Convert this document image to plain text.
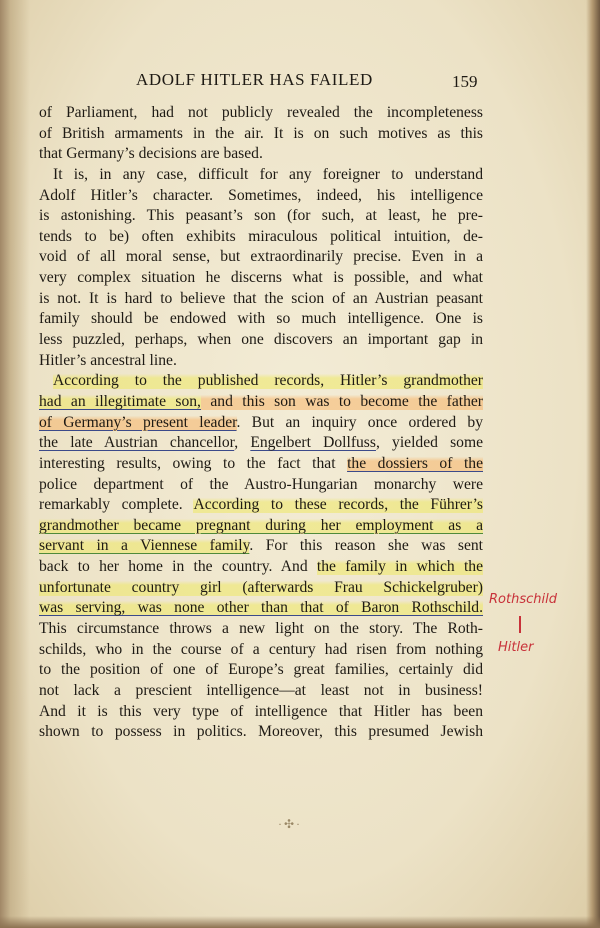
ADOLF HITLER HAS FAILED	159
of Parliament, had not publicly revealed the incompleteness
of British armaments in the air. It is on such motives as this
that Germany’s decisions are based.
It is, in any case, difficult for any foreigner to understand
Adolf Hitler’s character. Sometimes, indeed, his intelligence
is astonishing. This peasant’s son (for such, at least, he pre-
tends to be) often exhibits miraculous political intuition, de-
void of all moral sense, but extraordinarily precise. Even in a
very complex situation he discerns what is possible, and what
is not. It is hard to believe that the scion of an Austrian peasant
family should be endowed with so much intelligence. One is
less puzzled, perhaps, when one discovers an important gap in
Hitler’s ancestral line.
According to the published records, Hitler’s grandmother
had an illegitimate son, and this son was to become the father
of Germany’s present leader. But an inquiry once ordered by
the late Austrian chancellor, Engelbert Dollfuss, yielded some
interesting results, owing to the fact that the dossiers of the
police department of the Austro-Hungarian monarchy were
remarkably complete. According to these records, the Führer’s
grandmother became pregnant during her employment as a
servant in a Viennese family. For this reason she was sent
back to her home in the country. And the family in which the
unfortunate country girl (afterwards Frau Schickelgruber)
was serving, was none other than that of Baron Rothschild.
This circumstance throws a new light on the story. The Roth-
schilds, who in the course of a century had risen from nothing
to the position of one of Europe’s great families, certainly did
not lack a prescient intelligence—at least not in business!
And it is this very type of intelligence that Hitler has been
shown to possess in politics. Moreover, this presumed Jewish
Rothschild
Hitler
·✣·
